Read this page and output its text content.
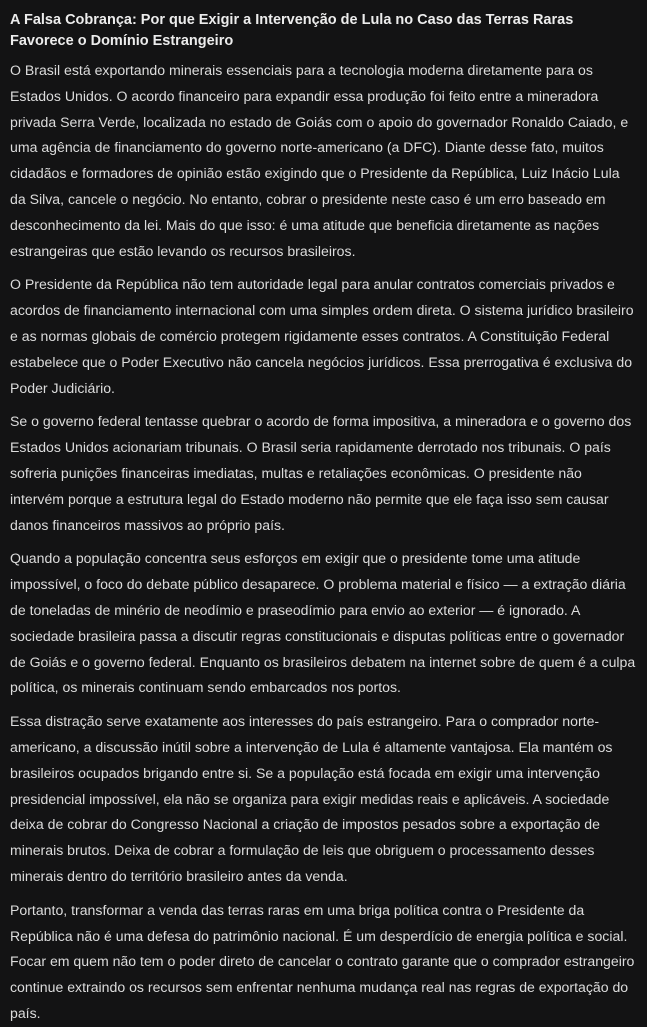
A Falsa Cobrança: Por que Exigir a Intervenção de Lula no Caso das Terras Raras Favorece o Domínio Estrangeiro

O Brasil está exportando minerais essenciais para a tecnologia moderna diretamente para os Estados Unidos. O acordo financeiro para expandir essa produção foi feito entre a mineradora privada Serra Verde, localizada no estado de Goiás com o apoio do governador Ronaldo Caiado, e uma agência de financiamento do governo norte-americano (a DFC). Diante desse fato, muitos cidadãos e formadores de opinião estão exigindo que o Presidente da República, Luiz Inácio Lula da Silva, cancele o negócio. No entanto, cobrar o presidente neste caso é um erro baseado em desconhecimento da lei. Mais do que isso: é uma atitude que beneficia diretamente as nações estrangeiras que estão levando os recursos brasileiros.

O Presidente da República não tem autoridade legal para anular contratos comerciais privados e acordos de financiamento internacional com uma simples ordem direta. O sistema jurídico brasileiro e as normas globais de comércio protegem rigidamente esses contratos. A Constituição Federal estabelece que o Poder Executivo não cancela negócios jurídicos. Essa prerrogativa é exclusiva do Poder Judiciário.

Se o governo federal tentasse quebrar o acordo de forma impositiva, a mineradora e o governo dos Estados Unidos acionariam tribunais. O Brasil seria rapidamente derrotado nos tribunais. O país sofreria punições financeiras imediatas, multas e retaliações econômicas. O presidente não intervém porque a estrutura legal do Estado moderno não permite que ele faça isso sem causar danos financeiros massivos ao próprio país.

Quando a população concentra seus esforços em exigir que o presidente tome uma atitude impossível, o foco do debate público desaparece. O problema material e físico — a extração diária de toneladas de minério de neodímio e praseodímio para envio ao exterior — é ignorado. A sociedade brasileira passa a discutir regras constitucionais e disputas políticas entre o governador de Goiás e o governo federal. Enquanto os brasileiros debatem na internet sobre de quem é a culpa política, os minerais continuam sendo embarcados nos portos.

Essa distração serve exatamente aos interesses do país estrangeiro. Para o comprador norte-americano, a discussão inútil sobre a intervenção de Lula é altamente vantajosa. Ela mantém os brasileiros ocupados brigando entre si. Se a população está focada em exigir uma intervenção presidencial impossível, ela não se organiza para exigir medidas reais e aplicáveis. A sociedade deixa de cobrar do Congresso Nacional a criação de impostos pesados sobre a exportação de minerais brutos. Deixa de cobrar a formulação de leis que obriguem o processamento desses minerais dentro do território brasileiro antes da venda.

Portanto, transformar a venda das terras raras em uma briga política contra o Presidente da República não é uma defesa do patrimônio nacional. É um desperdício de energia política e social. Focar em quem não tem o poder direto de cancelar o contrato garante que o comprador estrangeiro continue extraindo os recursos sem enfrentar nenhuma mudança real nas regras de exportação do país.
